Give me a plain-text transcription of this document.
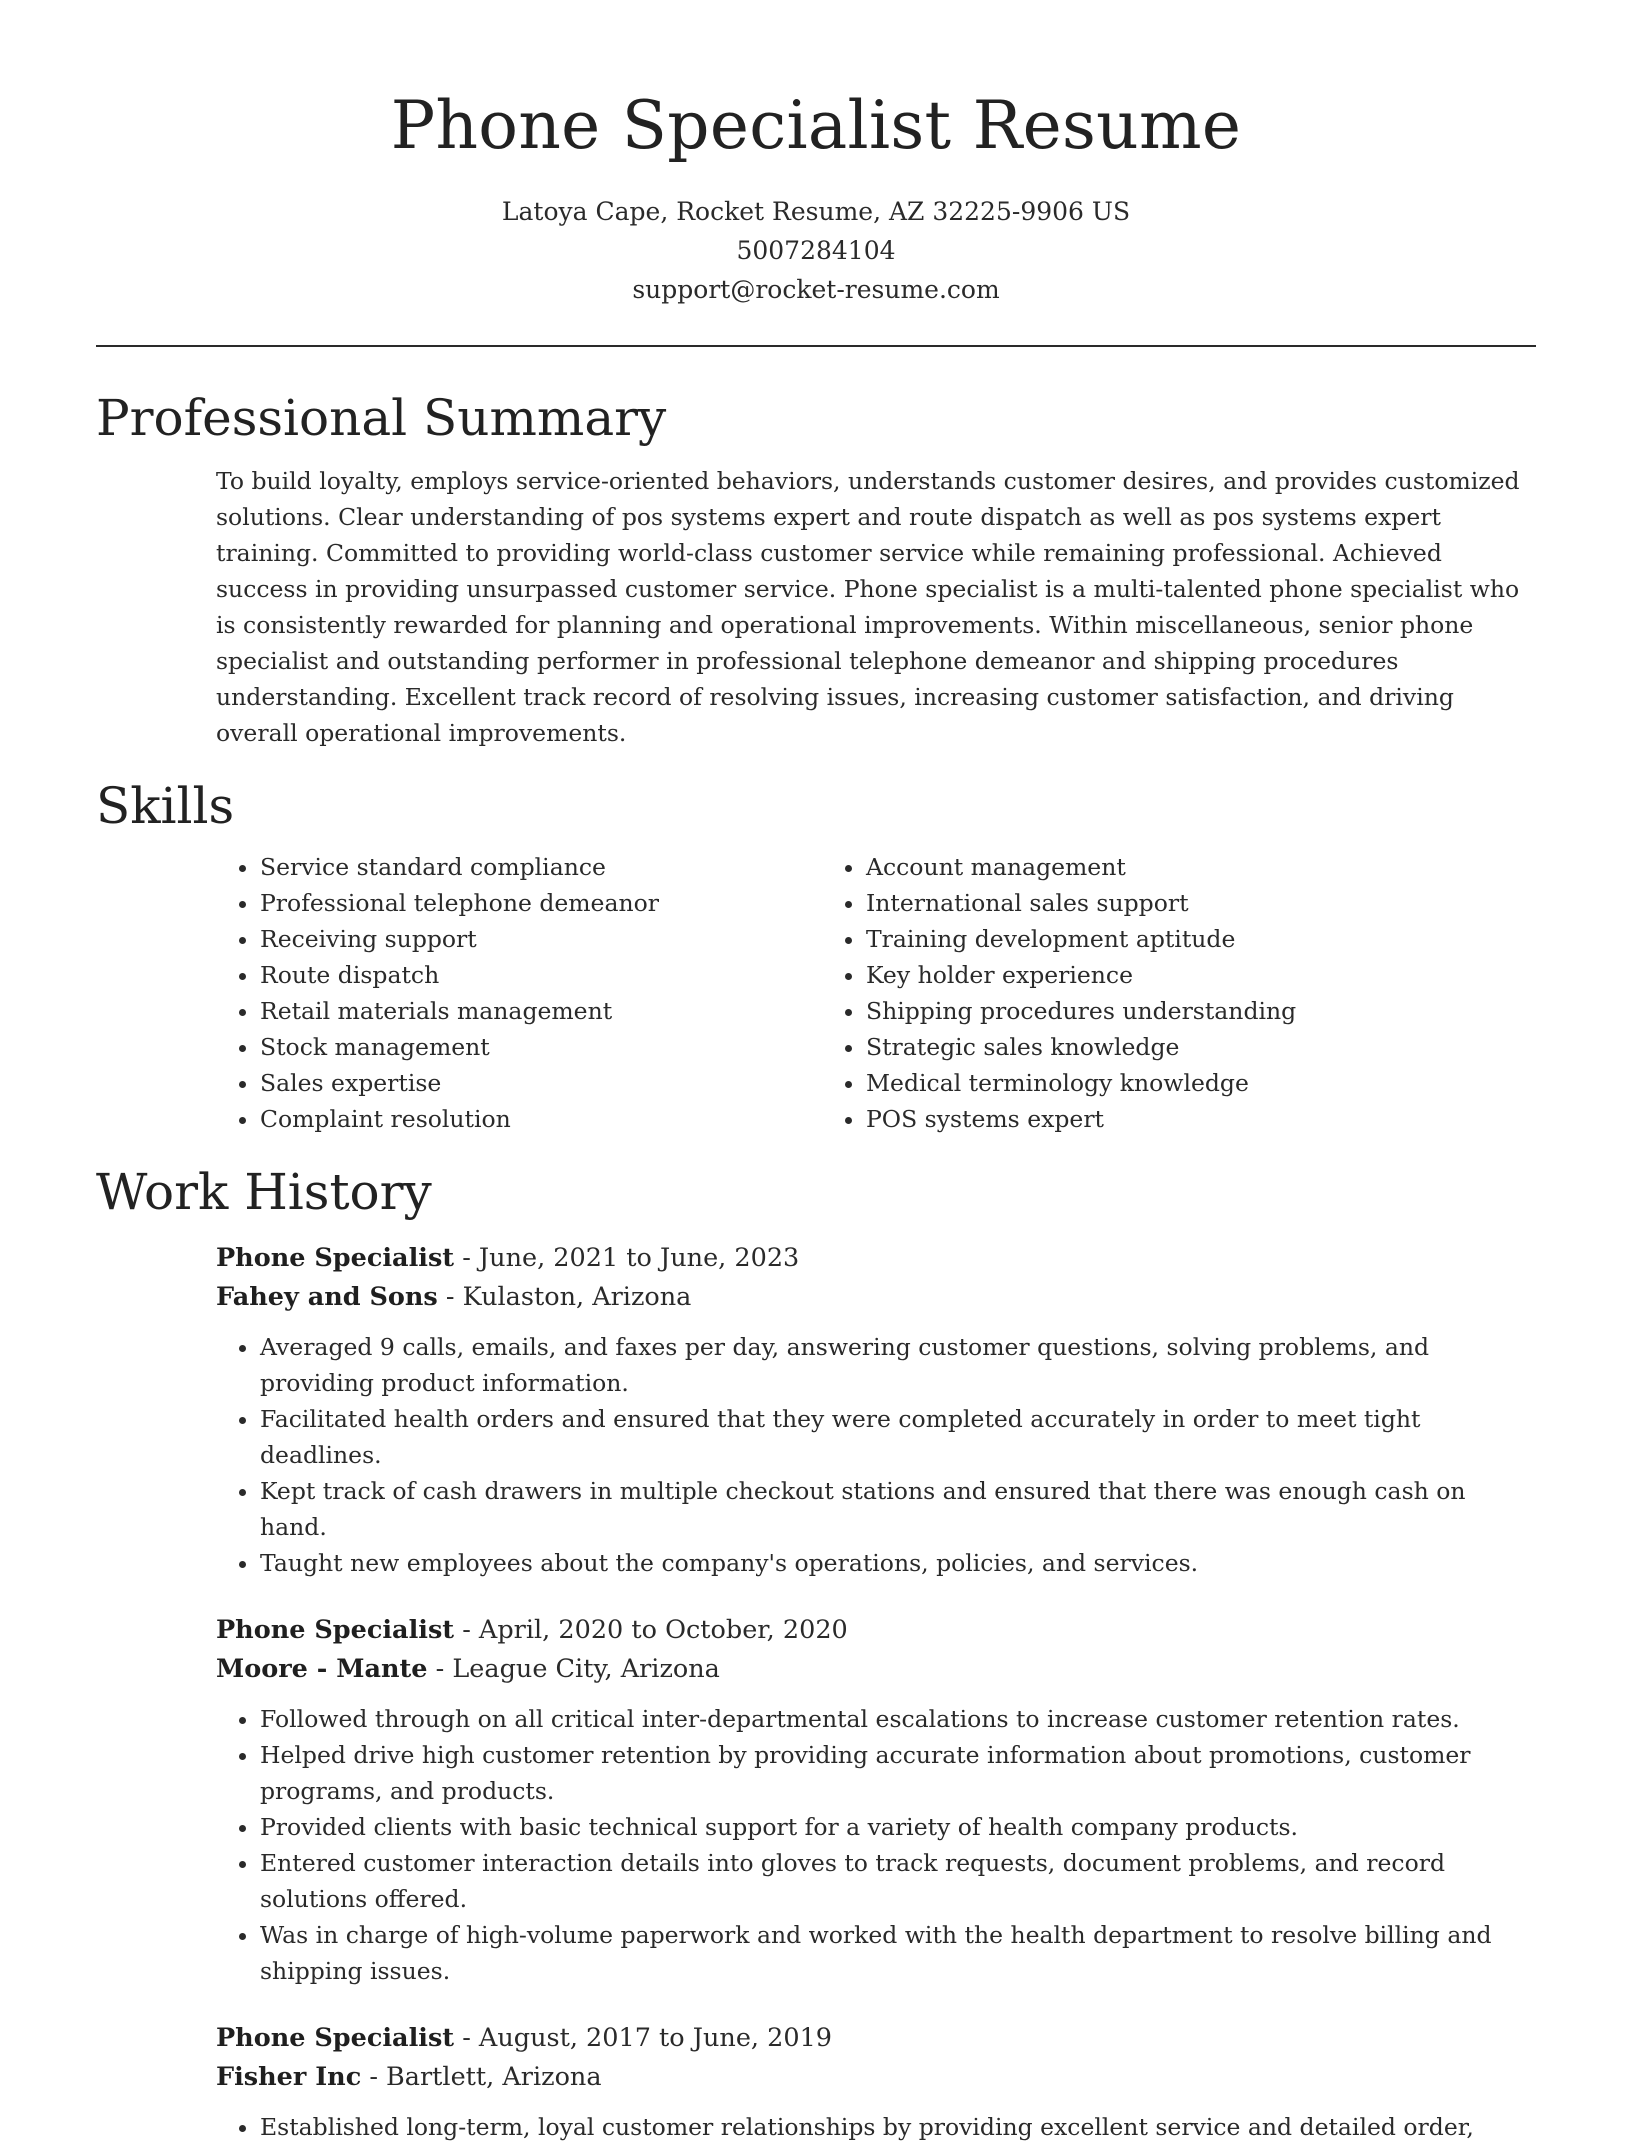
Phone Specialist Resume
Latoya Cape, Rocket Resume, AZ 32225-9906 US
5007284104
support@rocket-resume.com
Professional Summary
To build loyalty, employs service-oriented behaviors, understands customer desires, and provides customized solutions. Clear understanding of pos systems expert and route dispatch as well as pos systems expert training. Committed to providing world-class customer service while remaining professional. Achieved success in providing unsurpassed customer service. Phone specialist is a multi-talented phone specialist who is consistently rewarded for planning and operational improvements. Within miscellaneous, senior phone specialist and outstanding performer in professional telephone demeanor and shipping procedures understanding. Excellent track record of resolving issues, increasing customer satisfaction, and driving overall operational improvements.
Skills
• Service standard compliance
• Professional telephone demeanor
• Receiving support
• Route dispatch
• Retail materials management
• Stock management
• Sales expertise
• Complaint resolution
• Account management
• International sales support
• Training development aptitude
• Key holder experience
• Shipping procedures understanding
• Strategic sales knowledge
• Medical terminology knowledge
• POS systems expert
Work History
Phone Specialist - June, 2021 to June, 2023
Fahey and Sons - Kulaston, Arizona
• Averaged 9 calls, emails, and faxes per day, answering customer questions, solving problems, and providing product information.
• Facilitated health orders and ensured that they were completed accurately in order to meet tight deadlines.
• Kept track of cash drawers in multiple checkout stations and ensured that there was enough cash on hand.
• Taught new employees about the company's operations, policies, and services.
Phone Specialist - April, 2020 to October, 2020
Moore - Mante - League City, Arizona
• Followed through on all critical inter-departmental escalations to increase customer retention rates.
• Helped drive high customer retention by providing accurate information about promotions, customer programs, and products.
• Provided clients with basic technical support for a variety of health company products.
• Entered customer interaction details into gloves to track requests, document problems, and record solutions offered.
• Was in charge of high-volume paperwork and worked with the health department to resolve billing and shipping issues.
Phone Specialist - August, 2017 to June, 2019
Fisher Inc - Bartlett, Arizona
• Established long-term, loyal customer relationships by providing excellent service and detailed order,
